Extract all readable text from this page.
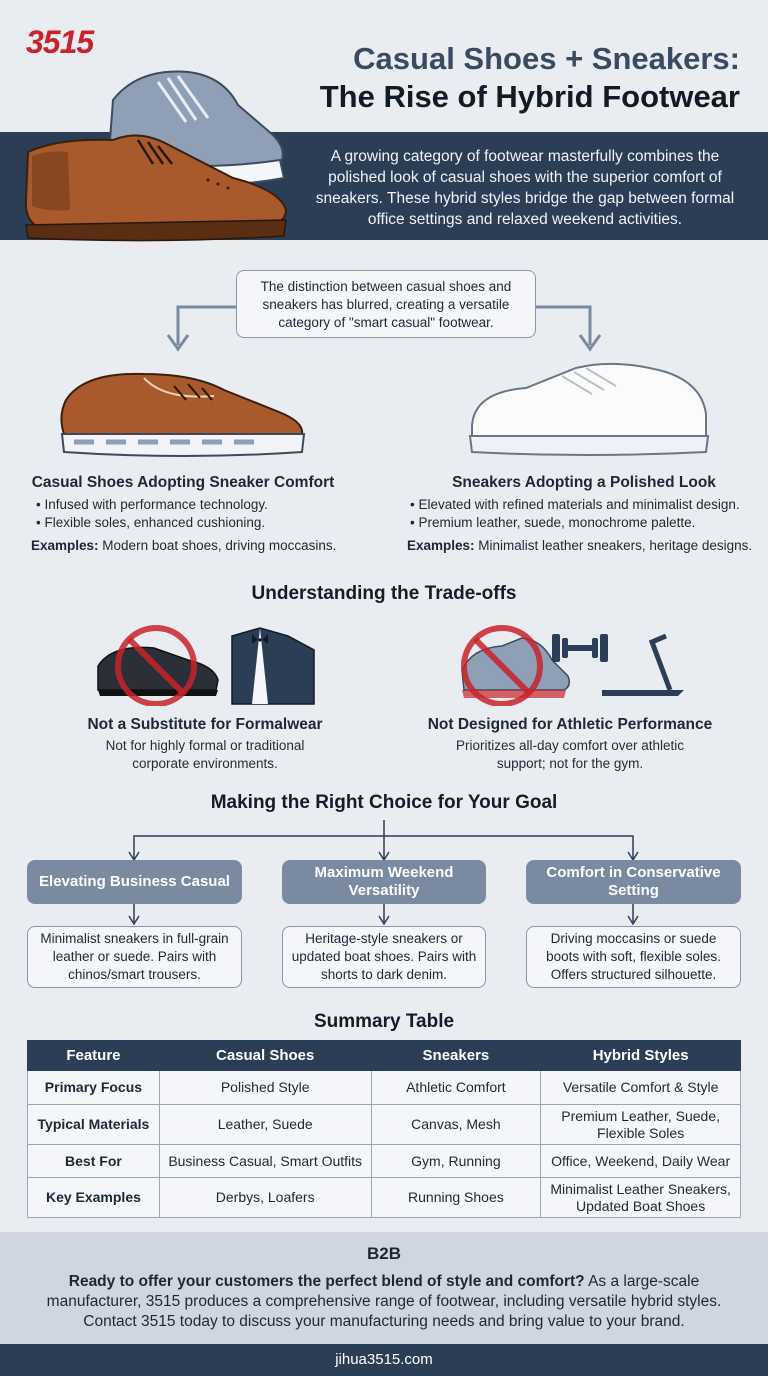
A growing category of footwear masterfully combines the polished look of casual shoes with the superior comfort of sneakers. These hybrid styles bridge the gap between formal office settings and relaxed weekend activities.
3515	Casual Shoes + Sneakers:
The Rise of Hybrid Footwear
The distinction between casual shoes and sneakers has blurred, creating a versatile category of "smart casual" footwear.
Casual Shoes Adopting Sneaker Comfort
• Infused with performance technology.
• Flexible soles, enhanced cushioning.
Examples: Modern boat shoes, driving moccasins.
Sneakers Adopting a Polished Look
• Elevated with refined materials and minimalist design.
• Premium leather, suede, monochrome palette.
Examples: Minimalist leather sneakers, heritage designs.
Understanding the Trade-offs
Not a Substitute for Formalwear
Not for highly formal or traditional corporate environments.
Not Designed for Athletic Performance
Prioritizes all-day comfort over athletic support; not for the gym.
Making the Right Choice for Your Goal
Elevating Business Casual
Maximum Weekend Versatility
Comfort in Conservative Setting
Minimalist sneakers in full-grain leather or suede. Pairs with chinos/smart trousers.
Heritage-style sneakers or updated boat shoes. Pairs with shorts to dark denim.
Driving moccasins or suede boots with soft, flexible soles. Offers structured silhouette.
Summary Table
Feature	Casual Shoes	Sneakers	Hybrid Styles
Primary Focus	Polished Style	Athletic Comfort	Versatile Comfort & Style
Typical Materials	Leather, Suede	Canvas, Mesh	Premium Leather, Suede, Flexible Soles
Best For	Business Casual, Smart Outfits	Gym, Running	Office, Weekend, Daily Wear
Key Examples	Derbys, Loafers	Running Shoes	Minimalist Leather Sneakers, Updated Boat Shoes
B2B
Ready to offer your customers the perfect blend of style and comfort? As a large-scale manufacturer, 3515 produces a comprehensive range of footwear, including versatile hybrid styles. Contact 3515 today to discuss your manufacturing needs and bring value to your brand.
jihua3515.com
